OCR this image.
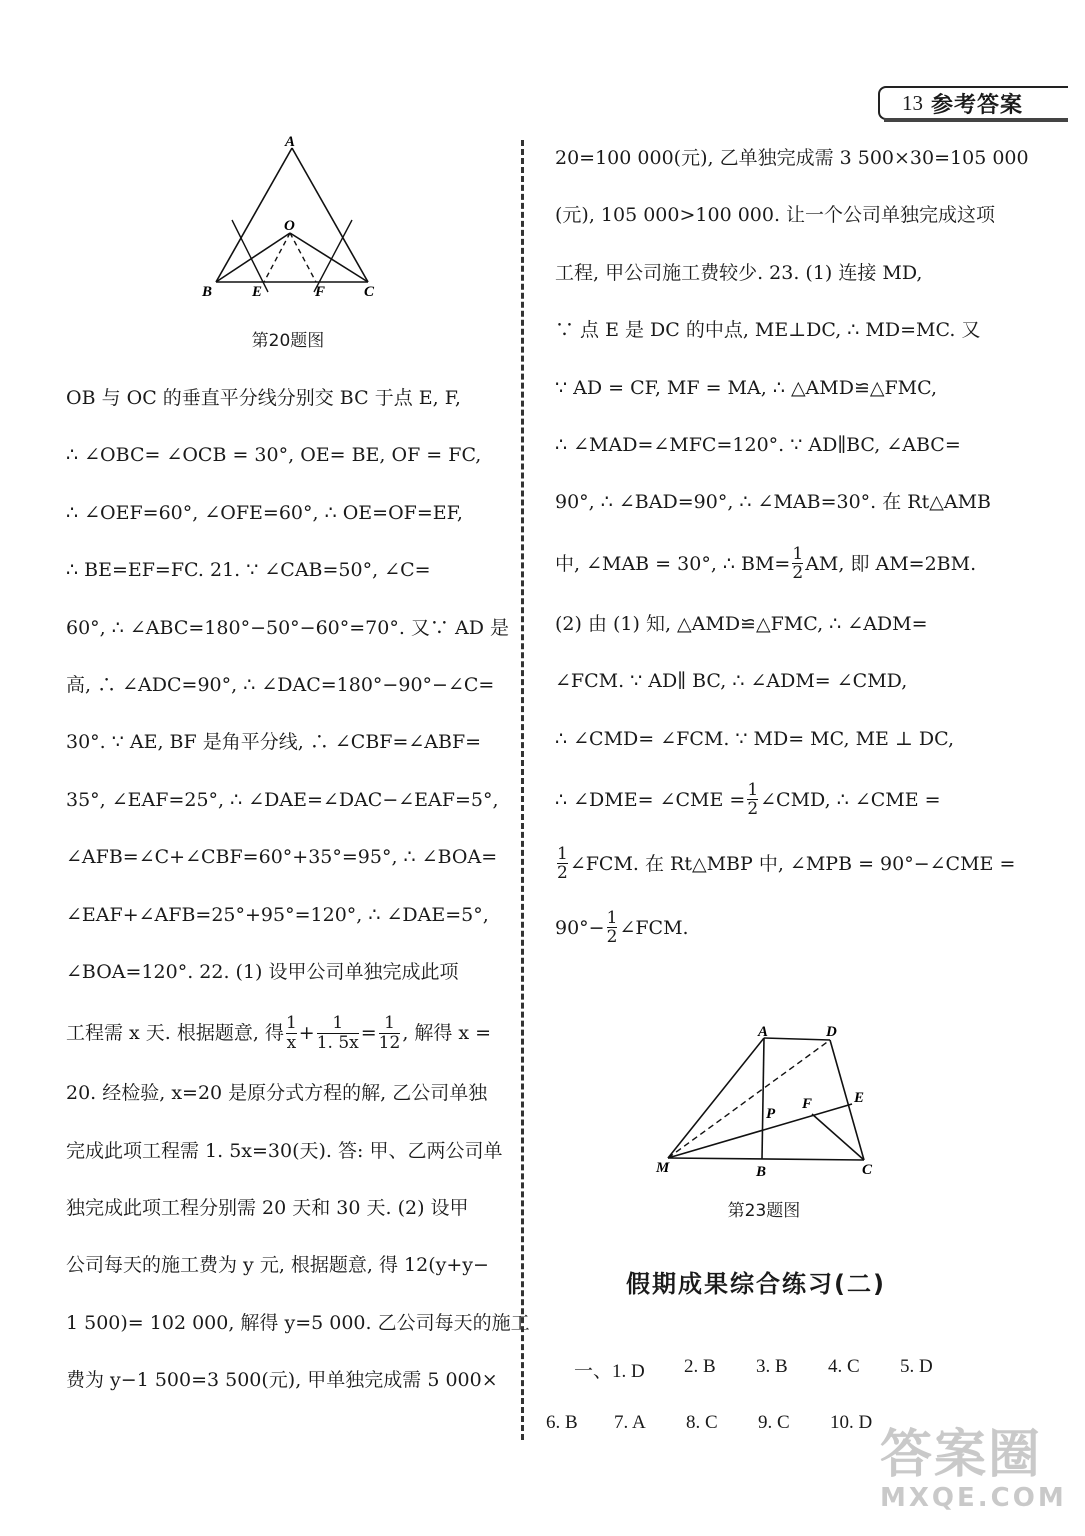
13 参考答案
A
O
B	E	F	C
第20题图
OB 与 OC 的垂直平分线分别交 BC 于点 E, F,
∴ ∠OBC= ∠OCB = 30°, OE= BE, OF = FC,
∴ ∠OEF=60°, ∠OFE=60°, ∴ OE=OF=EF,
∴ BE=EF=FC. 21. ∵ ∠CAB=50°, ∠C=
60°, ∴ ∠ABC=180°−50°−60°=70°. 又∵ AD 是
高, ∴ ∠ADC=90°, ∴ ∠DAC=180°−90°−∠C=
30°. ∵ AE, BF 是角平分线, ∴ ∠CBF=∠ABF=
35°, ∠EAF=25°, ∴ ∠DAE=∠DAC−∠EAF=5°,
∠AFB=∠C+∠CBF=60°+35°=95°, ∴ ∠BOA=
∠EAF+∠AFB=25°+95°=120°, ∴ ∠DAE=5°,
∠BOA=120°. 22. (1) 设甲公司单独完成此项
工程需 x 天. 根据题意, 得 $\frac{1}{x} + \frac{1}{1. 5x} = \frac{1}{12}$ , 解得 x =
20. 经检验, x=20 是原分式方程的解, 乙公司单独
完成此项工程需 1. 5x=30(天). 答: 甲、乙两公司单
独完成此项工程分别需 20 天和 30 天. (2) 设甲
公司每天的施工费为 y 元, 根据题意, 得 12(y+y−
1 500)= 102 000, 解得 y=5 000. 乙公司每天的施工
费为 y−1 500=3 500(元), 甲单独完成需 5 000×
20=100 000(元), 乙单独完成需 3 500×30=105 000
(元), 105 000>100 000. 让一个公司单独完成这项
工程, 甲公司施工费较少. 23. (1) 连接 MD,
∵ 点 E 是 DC 的中点, ME⊥DC, ∴ MD=MC. 又
∵ AD = CF, MF = MA, ∴ △AMD≌△FMC,
∴ ∠MAD=∠MFC=120°. ∵ AD∥BC, ∠ABC=
90°, ∴ ∠BAD=90°, ∴ ∠MAB=30°. 在 Rt△AMB
中, ∠MAB = 30°, ∴ $BM= \frac{1}{2}$ AM, 即 AM=2BM.
(2) 由 (1) 知, △AMD≌△FMC, ∴ ∠ADM=
∠FCM. ∵ AD∥ BC, ∴ ∠ADM= ∠CMD,
∴ ∠CMD= ∠FCM. ∵ MD= MC, ME ⊥ DC,
∴ ∠DME= ∠CME = $\frac{1}{2}$ ∠CMD, ∴ ∠CME =
$\frac{1}{2}$ ∠FCM. 在 Rt△MBP 中, ∠MPB = 90°−∠CME =
$90^\circ- \frac{1}{2}$ ∠FCM.
A	D
E
P
F
M	B	C
第23题图
假期成果综合练习(二)
一、1. D	2. B	3. B	4. C	5. D
6. B	7. A	8. C	9. C	10. D
答案圈
MXQE.COM
